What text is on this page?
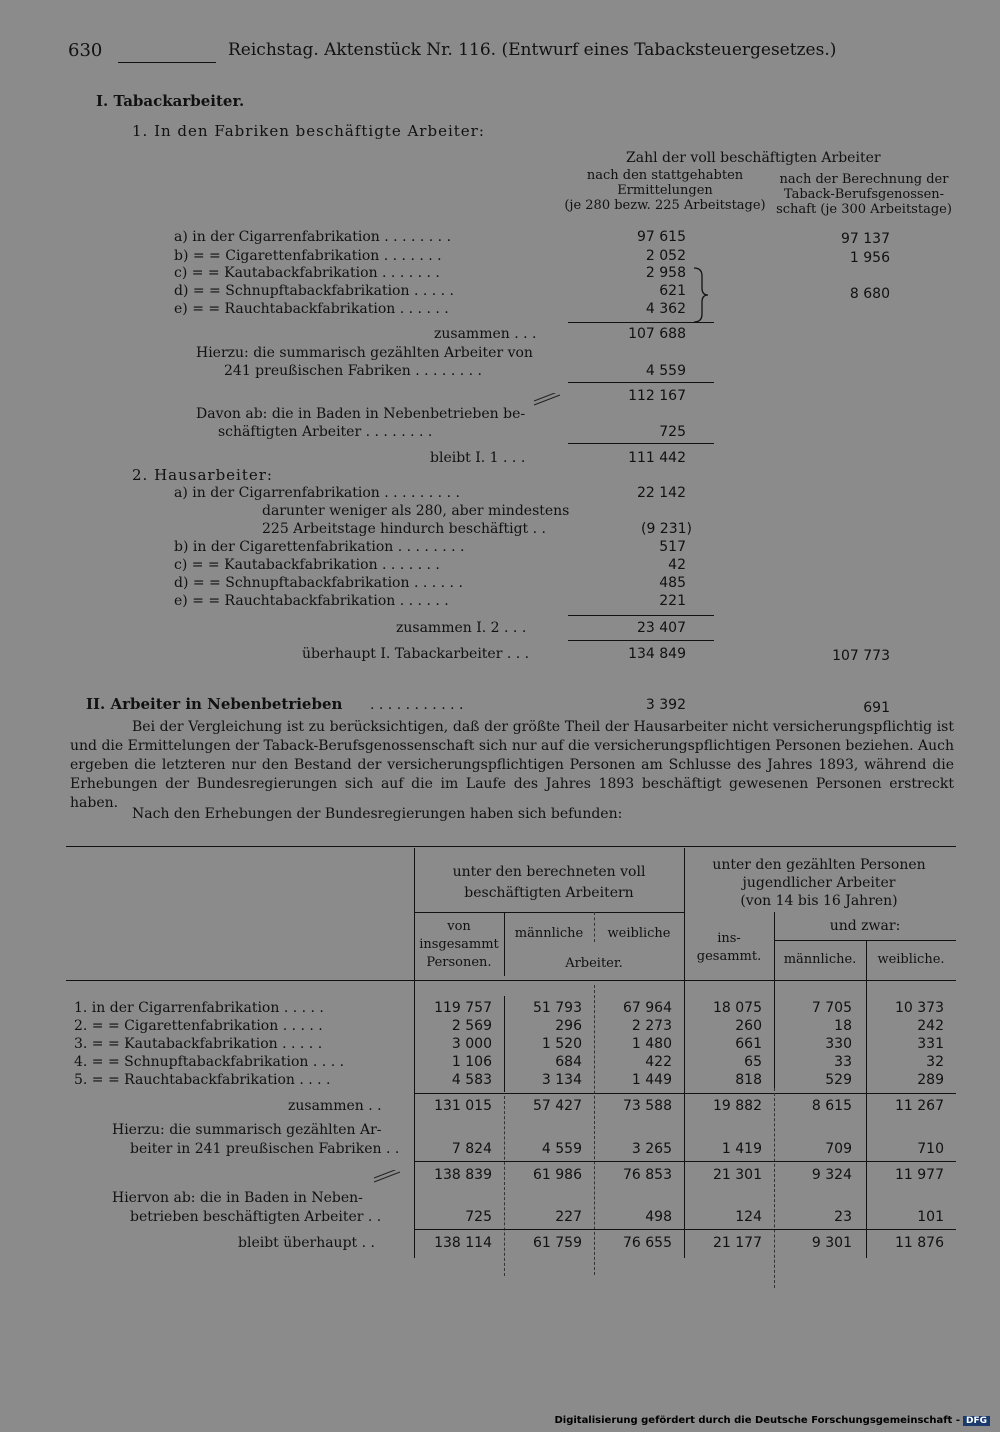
630	Reichstag. Aktenstück Nr. 116. (Entwurf eines Tabacksteuergesetzes.)
I. Tabackarbeiter.
1. In den Fabriken beschäftigte Arbeiter:
Zahl der voll beschäftigten Arbeiter
nach den stattgehabten
Ermittelungen
(je 280 bezw. 225 Arbeitstage)
nach der Berechnung der
Taback-Berufsgenossen-
schaft (je 300 Arbeitstage)
a) in der Cigarrenfabrikation . . . . . . . .	97 615	97 137
b) = = Cigarettenfabrikation . . . . . . .	2 052	1 956
c) = = Kautabackfabrikation . . . . . . .	2 958
d) = = Schnupftabackfabrikation . . . . .	621	8 680
e) = = Rauchtabackfabrikation . . . . . .	4 362
zusammen . . .	107 688
Hierzu: die summarisch gezählten Arbeiter von
241 preußischen Fabriken . . . . . . . .	4 559
112 167
Davon ab: die in Baden in Nebenbetrieben be-
schäftigten Arbeiter . . . . . . . .	725
bleibt I. 1 . . .	111 442
2. Hausarbeiter:
a) in der Cigarrenfabrikation . . . . . . . . .	22 142
darunter weniger als 280, aber mindestens
225 Arbeitstage hindurch beschäftigt . .	(9 231)
b) in der Cigarettenfabrikation . . . . . . . .	517
c) = = Kautabackfabrikation . . . . . . .	42
d) = = Schnupftabackfabrikation . . . . . .	485
e) = = Rauchtabackfabrikation . . . . . .	221
zusammen I. 2 . . .	23 407
überhaupt I. Tabackarbeiter . . .	134 849	107 773
II. Arbeiter in Nebenbetrieben . . . . . . . . . . .	3 392	691
Bei der Vergleichung ist zu berücksichtigen, daß der größte Theil der Hausarbeiter nicht versicherungspflichtig ist und die Ermittelungen der Taback-Berufsgenossenschaft sich nur auf die versicherungspflichtigen Personen beziehen. Auch ergeben die letzteren nur den Bestand der versicherungspflichtigen Personen am Schlusse des Jahres 1893, während die Erhebungen der Bundesregierungen sich auf die im Laufe des Jahres 1893 beschäftigt gewesenen Personen erstreckt haben.
Nach den Erhebungen der Bundesregierungen haben sich befunden:
unter den berechneten voll
beschäftigten Arbeitern
unter den gezählten Personen
jugendlicher Arbeiter
(von 14 bis 16 Jahren)
von
insgesammt
Personen.
männliche	weibliche
Arbeiter.
ins-
gesammt.
und zwar:
männliche.	weibliche.
1. in der Cigarrenfabrikation . . . . .	119 757	51 793	67 964	18 075	7 705	10 373
2. = = Cigarettenfabrikation . . . . .	2 569	296	2 273	260	18	242
3. = = Kautabackfabrikation . . . . .	3 000	1 520	1 480	661	330	331
4. = = Schnupftabackfabrikation . . . .	1 106	684	422	65	33	32
5. = = Rauchtabackfabrikation . . . .	4 583	3 134	1 449	818	529	289
zusammen . .	131 015	57 427	73 588	19 882	8 615	11 267
Hierzu: die summarisch gezählten Ar-
beiter in 241 preußischen Fabriken . .	7 824	4 559	3 265	1 419	709	710
138 839	61 986	76 853	21 301	9 324	11 977
Hiervon ab: die in Baden in Neben-
betrieben beschäftigten Arbeiter . .	725	227	498	124	23	101
bleibt überhaupt . .	138 114	61 759	76 655	21 177	9 301	11 876
Digitalisierung gefördert durch die Deutsche Forschungsgemeinschaft - DFG
